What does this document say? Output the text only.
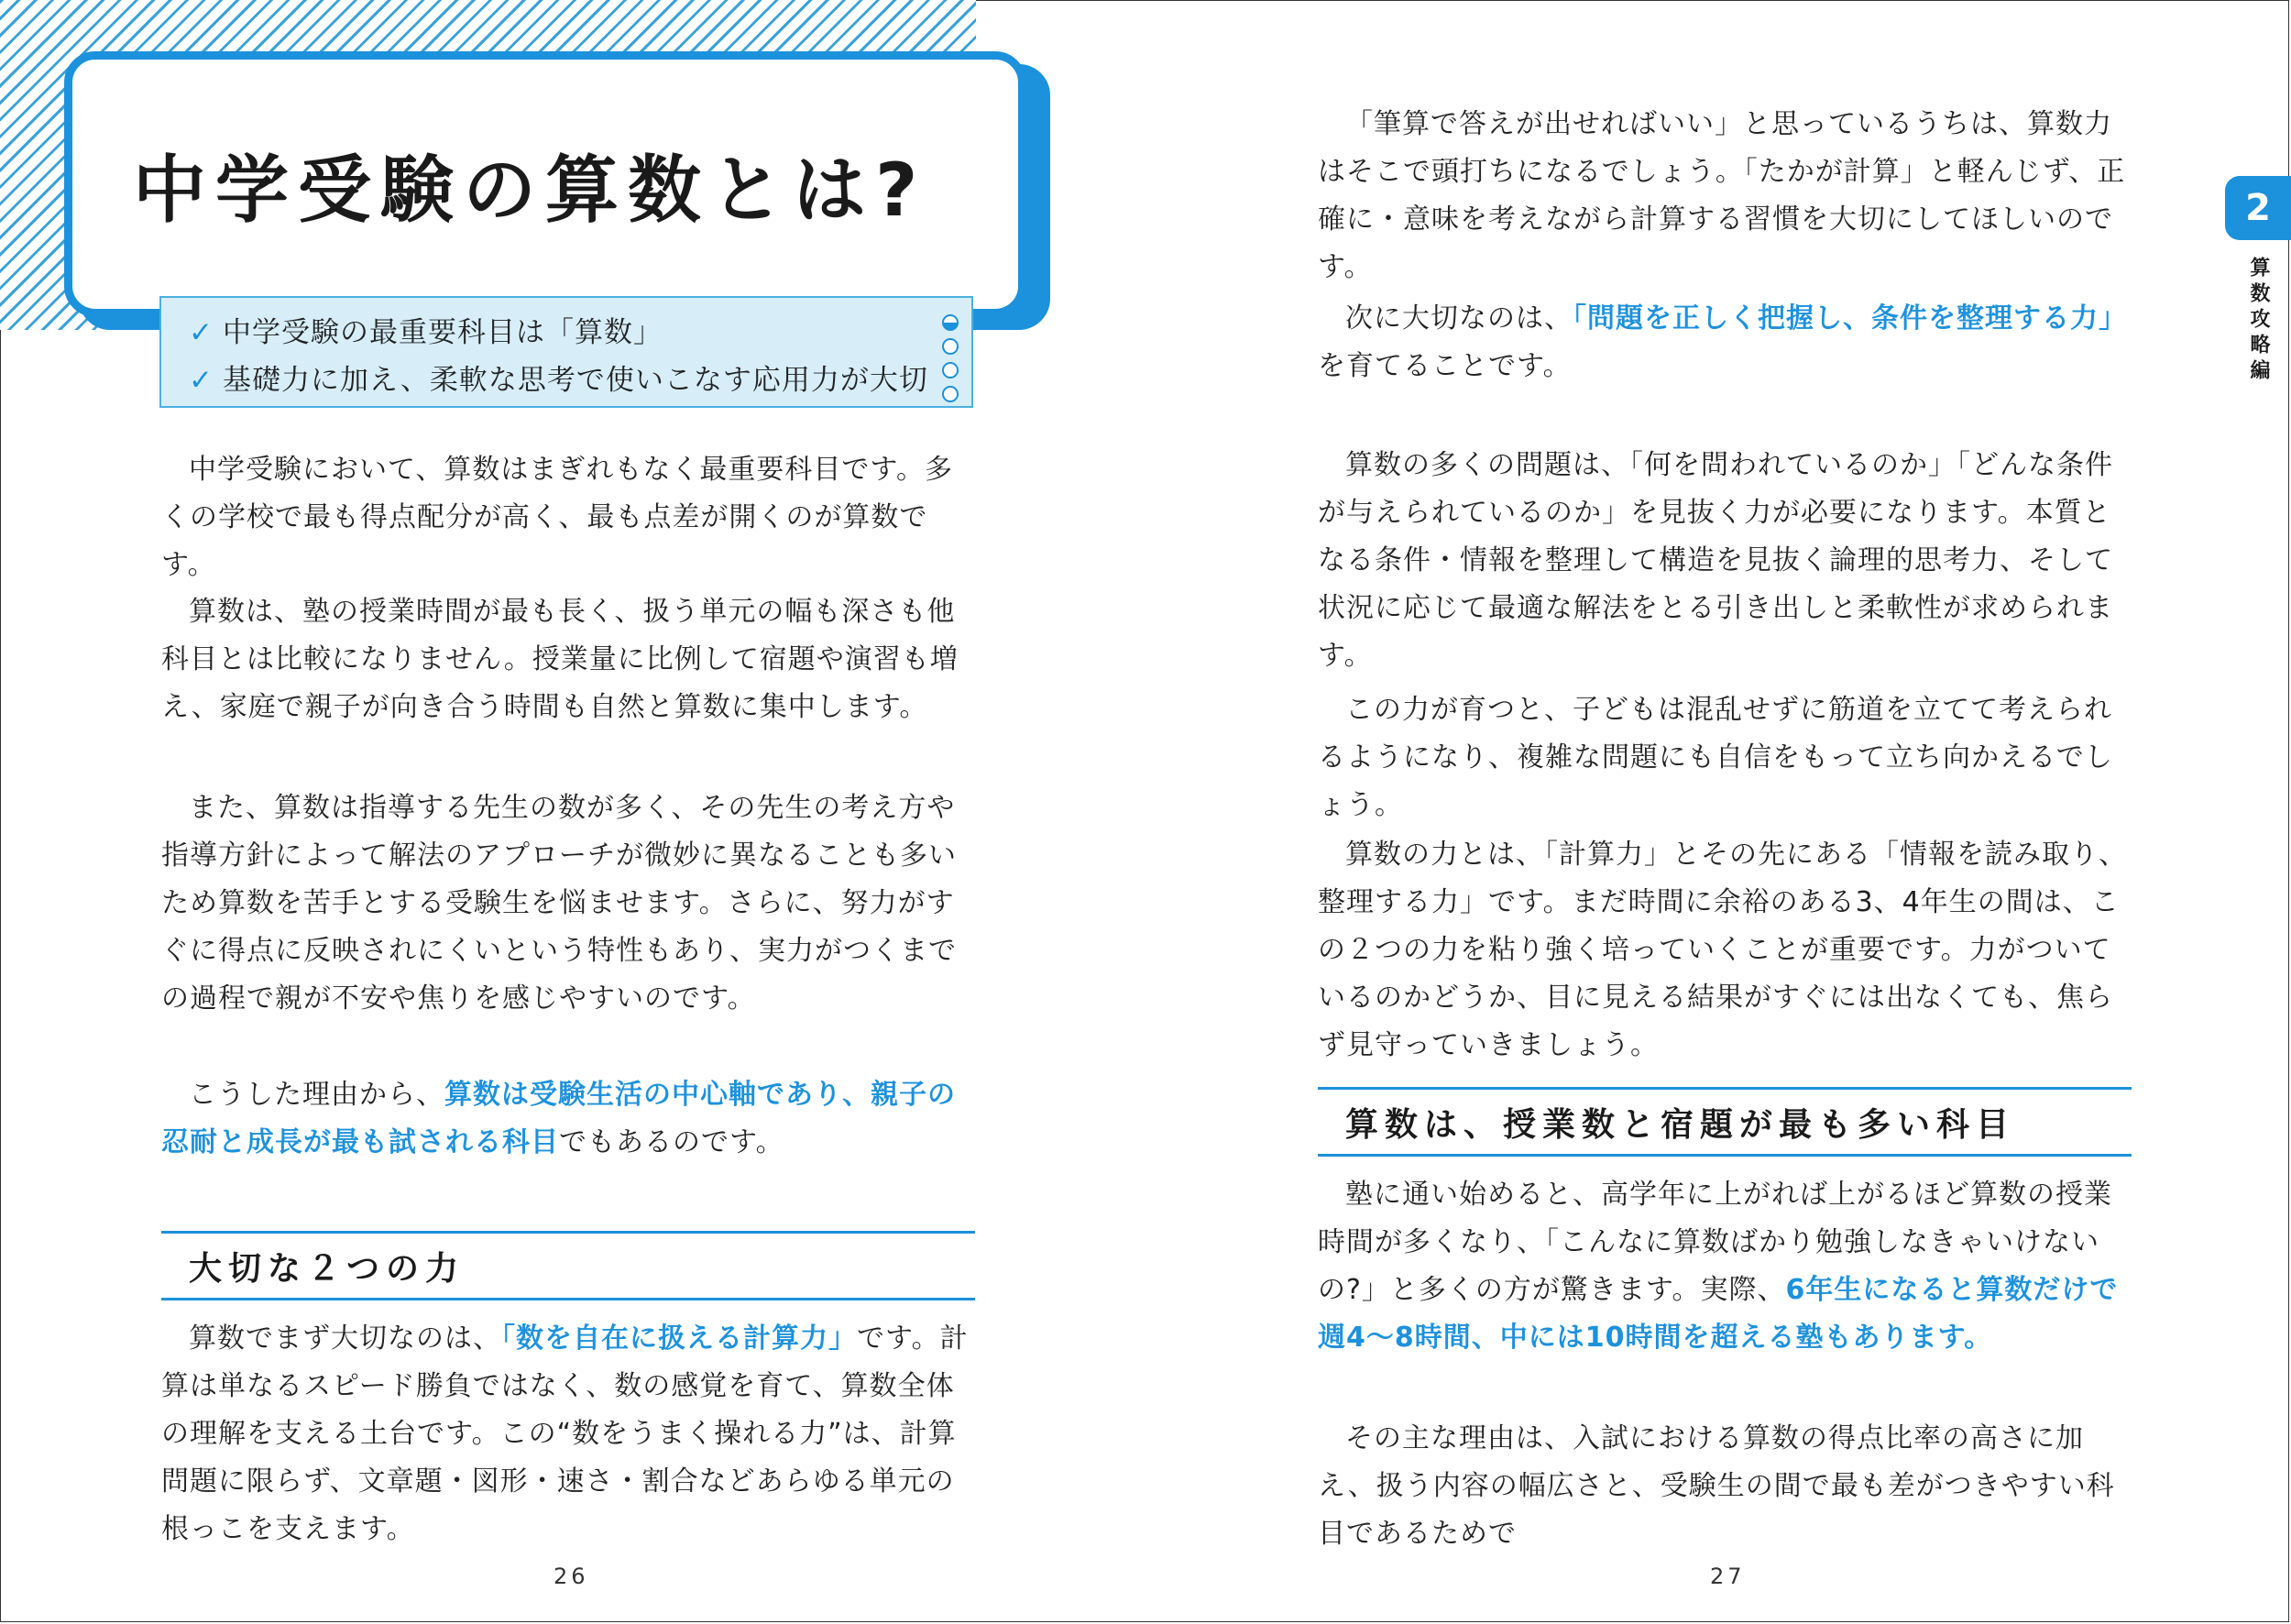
中学受験の算数とは?
✓ 中学受験の最重要科目は「算数」
✓ 基礎力に加え、柔軟な思考で使いこなす応用力が大切

中学受験において、算数はまぎれもなく最重要科目です。多くの学校で最も得点配分が高く、最も点差が開くのが算数です。

算数は、塾の授業時間が最も長く、扱う単元の幅も深さも他科目とは比較になりません。授業量に比例して宿題や演習も増え、家庭で親子が向き合う時間も自然と算数に集中します。

また、算数は指導する先生の数が多く、その先生の考え方や指導方針によって解法のアプローチが微妙に異なることも多いため算数を苦手とする受験生を悩ませます。さらに、努力がすぐに得点に反映されにくいという特性もあり、実力がつくまでの過程で親が不安や焦りを感じやすいのです。

こうした理由から、算数は受験生活の中心軸であり、親子の忍耐と成長が最も試される科目でもあるのです。

大切な２つの力

算数でまず大切なのは、「数を自在に扱える計算力」です。計算は単なるスピード勝負ではなく、数の感覚を育て、算数全体の理解を支える土台です。この“数をうまく操れる力”は、計算問題に限らず、文章題・図形・速さ・割合などあらゆる単元の根っこを支えます。

26

「筆算で答えが出せればいい」と思っているうちは、算数力はそこで頭打ちになるでしょう。「たかが計算」と軽んじず、正確に・意味を考えながら計算する習慣を大切にしてほしいのです。

次に大切なのは、「問題を正しく把握し、条件を整理する力」を育てることです。

算数の多くの問題は、「何を問われているのか」「どんな条件が与えられているのか」を見抜く力が必要になります。本質となる条件・情報を整理して構造を見抜く論理的思考力、そして状況に応じて最適な解法をとる引き出しと柔軟性が求められます。

この力が育つと、子どもは混乱せずに筋道を立てて考えられるようになり、複雑な問題にも自信をもって立ち向かえるでしょう。

算数の力とは、「計算力」とその先にある「情報を読み取り、整理する力」です。まだ時間に余裕のある3、4年生の間は、この２つの力を粘り強く培っていくことが重要です。力がついているのかどうか、目に見える結果がすぐには出なくても、焦らず見守っていきましょう。

算数は、授業数と宿題が最も多い科目

塾に通い始めると、高学年に上がれば上がるほど算数の授業時間が多くなり、「こんなに算数ばかり勉強しなきゃいけないの?」と多くの方が驚きます。実際、6年生になると算数だけで週4〜8時間、中には10時間を超える塾もあります。

その主な理由は、入試における算数の得点比率の高さに加え、扱う内容の幅広さと、受験生の間で最も差がつきやすい科目であるためで

27
2
算数攻略編
